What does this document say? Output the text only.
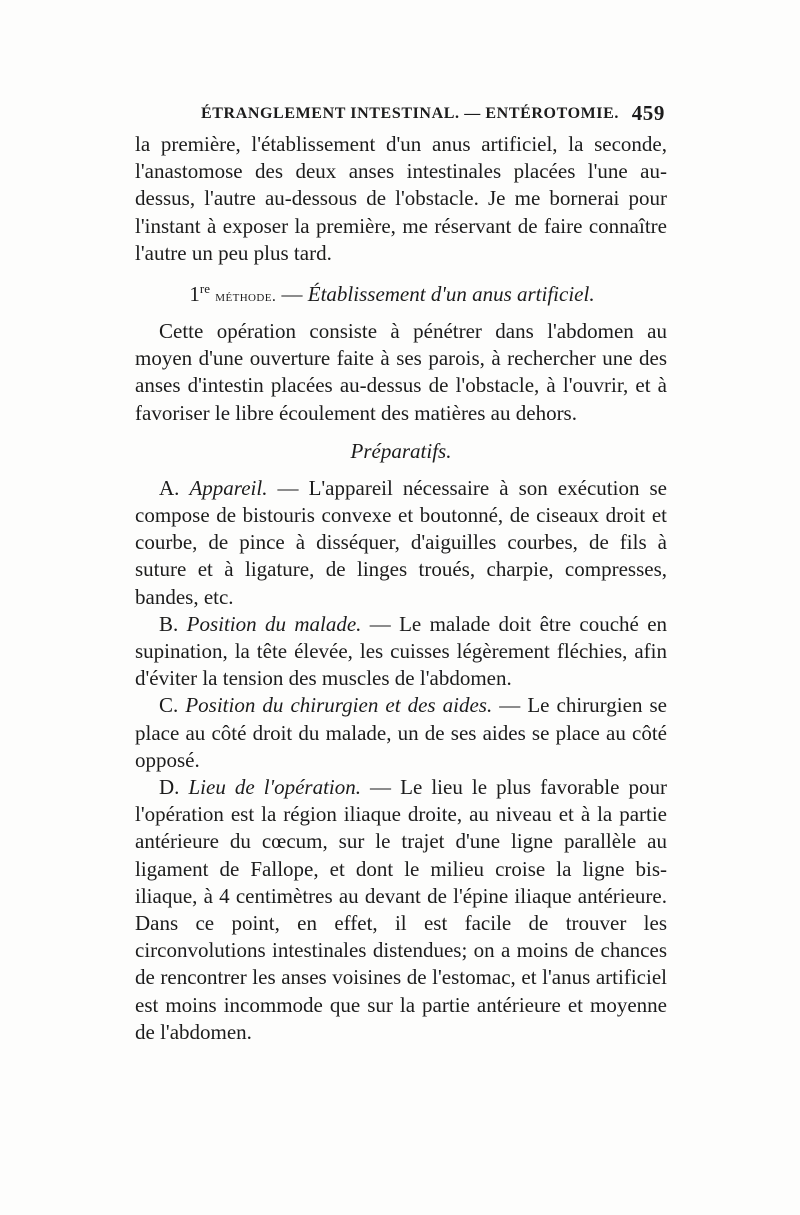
ÉTRANGLEMENT INTESTINAL. — ENTÉROTOMIE. 459

la première, l'établissement d'un anus artificiel, la seconde, l'anastomose des deux anses intestinales placées l'une au-dessus, l'autre au-dessous de l'obstacle. Je me bornerai pour l'instant à exposer la première, me réservant de faire connaître l'autre un peu plus tard.

1re méthode. — Établissement d'un anus artificiel.

Cette opération consiste à pénétrer dans l'abdomen au moyen d'une ouverture faite à ses parois, à rechercher une des anses d'intestin placées au-dessus de l'obstacle, à l'ouvrir, et à favoriser le libre écoulement des matières au dehors.

Préparatifs.

A. Appareil. — L'appareil nécessaire à son exécution se compose de bistouris convexe et boutonné, de ciseaux droit et courbe, de pince à disséquer, d'aiguilles courbes, de fils à suture et à ligature, de linges troués, charpie, compresses, bandes, etc.

B. Position du malade. — Le malade doit être couché en supination, la tête élevée, les cuisses légèrement fléchies, afin d'éviter la tension des muscles de l'abdomen.

C. Position du chirurgien et des aides. — Le chirurgien se place au côté droit du malade, un de ses aides se place au côté opposé.

D. Lieu de l'opération. — Le lieu le plus favorable pour l'opération est la région iliaque droite, au niveau et à la partie antérieure du cœcum, sur le trajet d'une ligne parallèle au ligament de Fallope, et dont le milieu croise la ligne bis-iliaque, à 4 centimètres au devant de l'épine iliaque antérieure. Dans ce point, en effet, il est facile de trouver les circonvolutions intestinales distendues; on a moins de chances de rencontrer les anses voisines de l'estomac, et l'anus artificiel est moins incommode que sur la partie antérieure et moyenne de l'abdomen.
